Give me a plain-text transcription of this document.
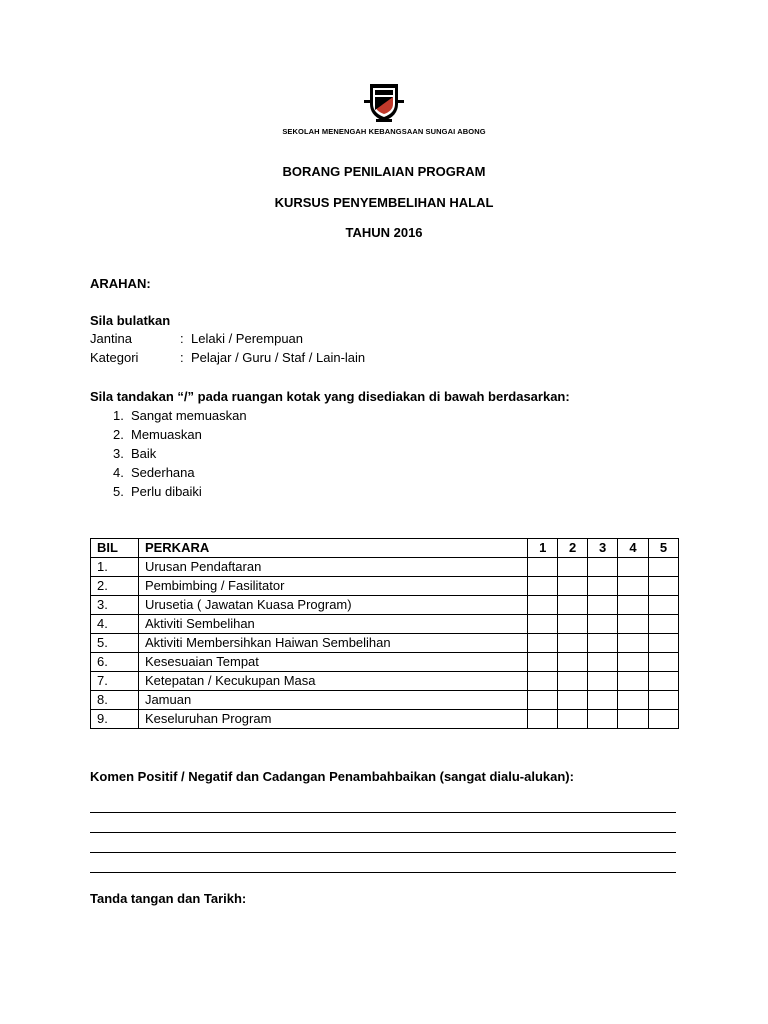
SEKOLAH MENENGAH KEBANGSAAN SUNGAI ABONG
BORANG PENILAIAN PROGRAM
KURSUS PENYEMBELIHAN HALAL
TAHUN 2016
ARAHAN:
Sila bulatkan
Jantina	: Lelaki / Perempuan
Kategori	: Pelajar / Guru / Staf / Lain-lain
Sila tandakan “/” pada ruangan kotak yang disediakan di bawah berdasarkan:
1. Sangat memuaskan
2. Memuaskan
3. Baik
4. Sederhana
5. Perlu dibaiki
BIL	PERKARA	1	2	3	4	5
1.	Urusan Pendaftaran					
2.	Pembimbing / Fasilitator					
3.	Urusetia ( Jawatan Kuasa Program)					
4.	Aktiviti Sembelihan					
5.	Aktiviti Membersihkan Haiwan Sembelihan					
6.	Kesesuaian Tempat					
7.	Ketepatan / Kecukupan Masa					
8.	Jamuan					
9.	Keseluruhan Program					
Komen Positif / Negatif dan Cadangan Penambahbaikan (sangat dialu-alukan):
Tanda tangan dan Tarikh:
